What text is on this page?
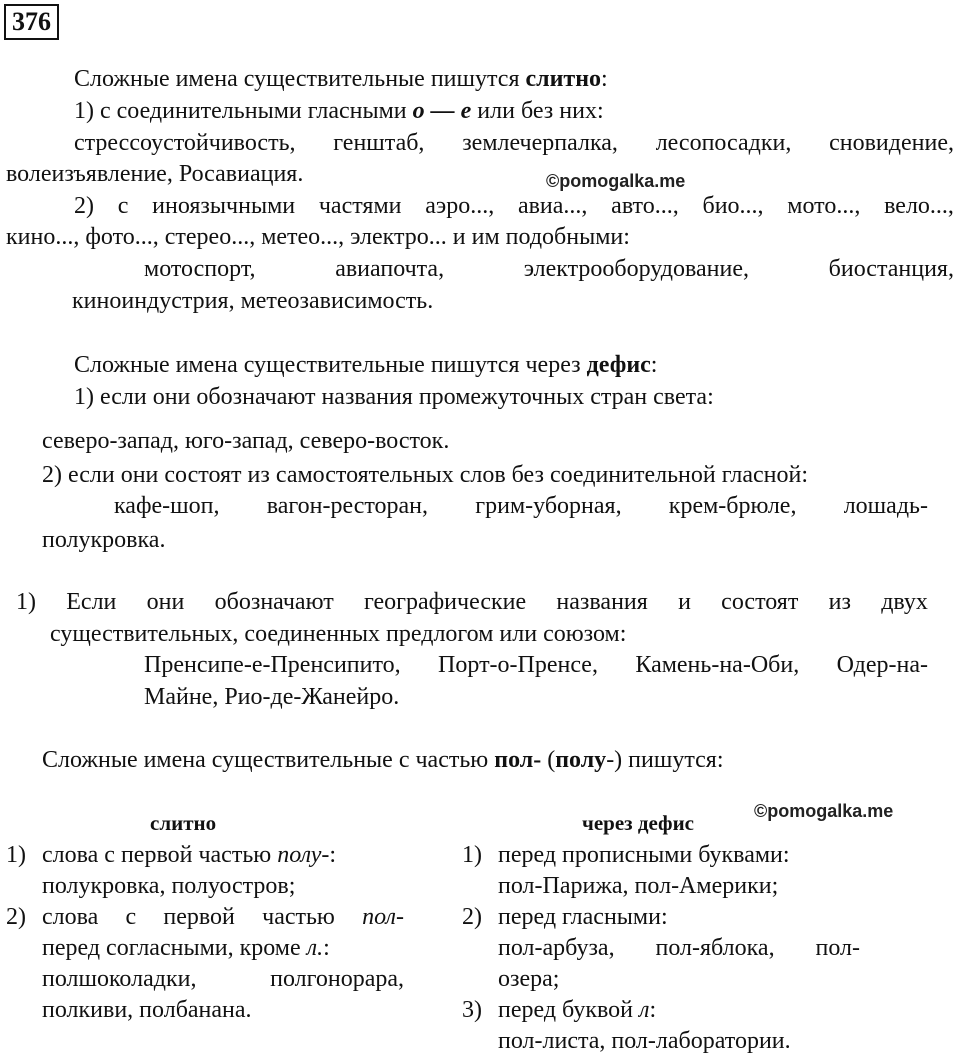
376
Сложные имена существительные пишутся слитно:
1) с соединительными гласными о — е или без них:
стрессоустойчивость, генштаб, землечерпалка, лесопосадки, сновидение,
волеизъявление, Росавиация.	©pomogalka.me
2) с иноязычными частями аэро..., авиа..., авто..., био..., мото..., вело...,
кино..., фото..., стерео..., метео..., электро... и им подобными:
мотоспорт,	авиапочта,	электрооборудование,	биостанция,
киноиндустрия, метеозависимость.
Сложные имена существительные пишутся через дефис:
1) если они обозначают названия промежуточных стран света:
северо-запад, юго-запад, северо-восток.
2) если они состоят из самостоятельных слов без соединительной гласной:
кафе-шоп, вагон-ресторан, грим-уборная, крем-брюле, лошадь-
полукровка.
1) Если они обозначают географические названия и состоят из двух
существительных, соединенных предлогом или союзом:
Пренсипе-е-Пренсипито, Порт-о-Пренсе, Камень-на-Оби, Одер-на-
Майне, Рио-де-Жанейро.
Сложные имена существительные с частью пол- (полу-) пишутся:
©pomogalka.me
слитно	через дефис
1) слова с первой частью полу-:
полукровка, полуостров;
2) слова с первой частью пол-
перед согласными, кроме л.:
полшоколадки,	полгонорара,
полкиви, полбанана.
1) перед прописными буквами:
пол-Парижа, пол-Америки;
2) перед гласными:
пол-арбуза, пол-яблока, пол-
озера;
3) перед буквой л:
пол-листа, пол-лаборатории.
